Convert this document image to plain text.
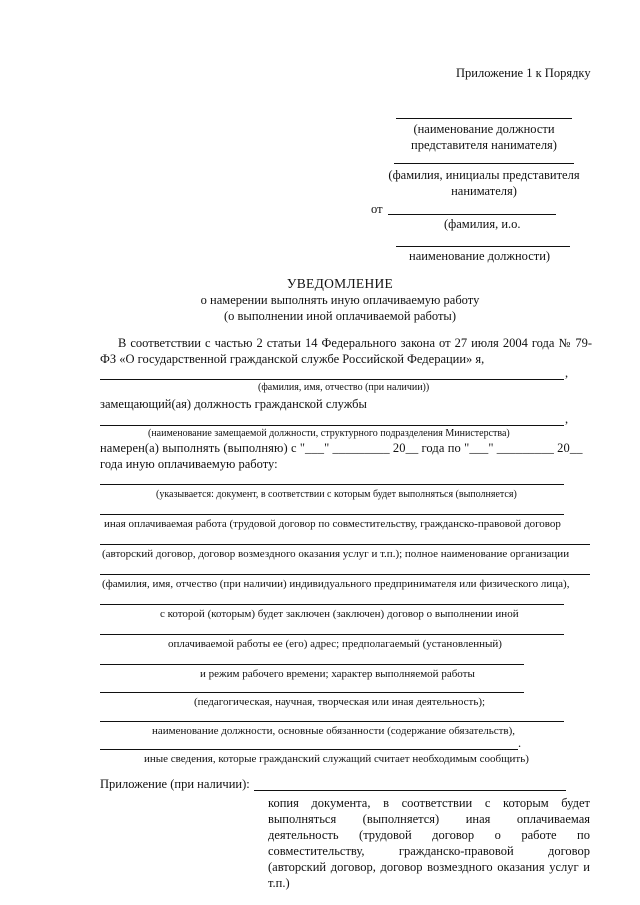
Приложение 1 к Порядку
(наименование должности
представителя нанимателя)
(фамилия, инициалы представителя
нанимателя)
от
(фамилия, и.о.
наименование должности)
УВЕДОМЛЕНИЕ
о намерении выполнять иную оплачиваемую работу
(о выполнении иной оплачиваемой работы)
В соответствии с частью 2 статьи 14 Федерального закона от 27 июля 2004 года № 79-
ФЗ «О государственной гражданской службе Российской Федерации» я,
,
(фамилия, имя, отчество (при наличии))
замещающий(ая) должность гражданской службы
,
(наименование замещаемой должности, структурного подразделения Министерства)
намерен(а) выполнять (выполняю) с "___" _________ 20__ года по "___" _________ 20__
года иную оплачиваемую работу:
(указывается: документ, в соответствии с которым будет выполняться (выполняется)
иная оплачиваемая работа (трудовой договор по совместительству, гражданско-правовой договор
(авторский договор, договор возмездного оказания услуг и т.п.); полное наименование организации
(фамилия, имя, отчество (при наличии) индивидуального предпринимателя или физического лица),
с которой (которым) будет заключен (заключен) договор о выполнении иной
оплачиваемой работы ее (его) адрес; предполагаемый (установленный)
и режим рабочего времени; характер выполняемой работы
(педагогическая, научная, творческая или иная деятельность);
наименование должности, основные обязанности (содержание обязательств),
.
иные сведения, которые гражданский служащий считает необходимым сообщить)
Приложение (при наличии):
копия документа, в соответствии с которым будет
выполняться (выполняется) иная оплачиваемая
деятельность (трудовой договор о работе по
совместительству, гражданско-правовой договор
(авторский договор, договор возмездного оказания услуг и
т.п.)
